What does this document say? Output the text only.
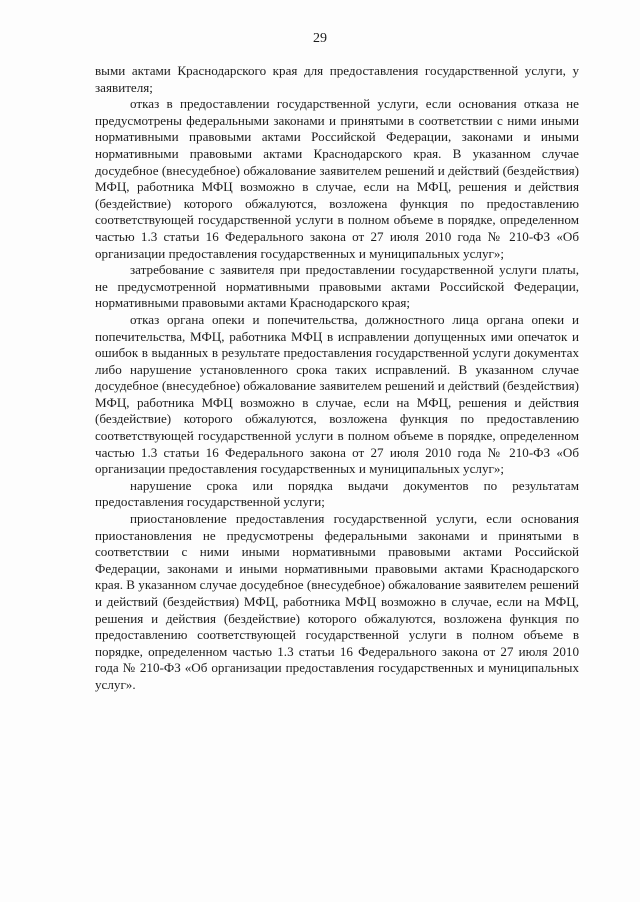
29

выми актами Краснодарского края для предоставления государственной услуги, у заявителя;

отказ в предоставлении государственной услуги, если основания отказа не предусмотрены федеральными законами и принятыми в соответствии с ними иными нормативными правовыми актами Российской Федерации, законами и иными нормативными правовыми актами Краснодарского края. В указанном случае досудебное (внесудебное) обжалование заявителем решений и действий (бездействия) МФЦ, работника МФЦ возможно в случае, если на МФЦ, решения и действия (бездействие) которого обжалуются, возложена функция по предоставлению соответствующей государственной услуги в полном объеме в порядке, определенном частью 1.3 статьи 16 Федерального закона от 27 июля 2010 года № 210-ФЗ «Об организации предоставления государственных и муниципальных услуг»;

затребование с заявителя при предоставлении государственной услуги платы, не предусмотренной нормативными правовыми актами Российской Федерации, нормативными правовыми актами Краснодарского края;

отказ органа опеки и попечительства, должностного лица органа опеки и попечительства, МФЦ, работника МФЦ в исправлении допущенных ими опечаток и ошибок в выданных в результате предоставления государственной услуги документах либо нарушение установленного срока таких исправлений. В указанном случае досудебное (внесудебное) обжалование заявителем решений и действий (бездействия) МФЦ, работника МФЦ возможно в случае, если на МФЦ, решения и действия (бездействие) которого обжалуются, возложена функция по предоставлению соответствующей государственной услуги в полном объеме в порядке, определенном частью 1.3 статьи 16 Федерального закона от 27 июля 2010 года № 210-ФЗ «Об организации предоставления государственных и муниципальных услуг»;

нарушение срока или порядка выдачи документов по результатам предоставления государственной услуги;

приостановление предоставления государственной услуги, если основания приостановления не предусмотрены федеральными законами и принятыми в соответствии с ними иными нормативными правовыми актами Российской Федерации, законами и иными нормативными правовыми актами Краснодарского края. В указанном случае досудебное (внесудебное) обжалование заявителем решений и действий (бездействия) МФЦ, работника МФЦ возможно в случае, если на МФЦ, решения и действия (бездействие) которого обжалуются, возложена функция по предоставлению соответствующей государственной услуги в полном объеме в порядке, определенном частью 1.3 статьи 16 Федерального закона от 27 июля 2010 года № 210-ФЗ «Об организации предоставления государственных и муниципальных услуг».
